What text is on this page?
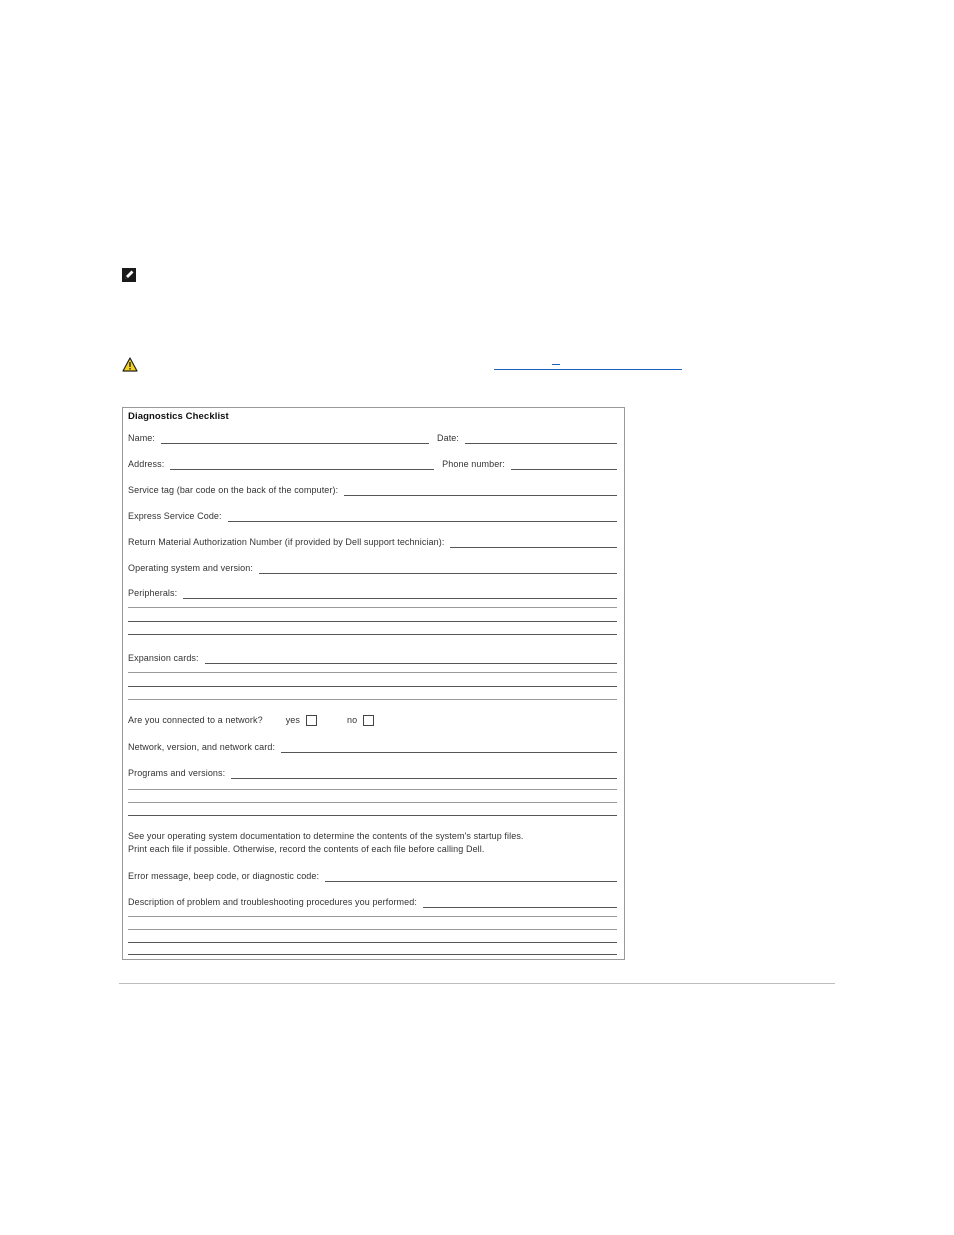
Diagnostics Checklist
Name:	Date:
Address:	Phone number:
Service tag (bar code on the back of the computer):
Express Service Code:
Return Material Authorization Number (if provided by Dell support technician):
Operating system and version:
Peripherals:
Expansion cards:
Are you connected to a network?	yes	no
Network, version, and network card:
Programs and versions:
See your operating system documentation to determine the contents of the system's startup files.
Print each file if possible. Otherwise, record the contents of each file before calling Dell.
Error message, beep code, or diagnostic code:
Description of problem and troubleshooting procedures you performed:
